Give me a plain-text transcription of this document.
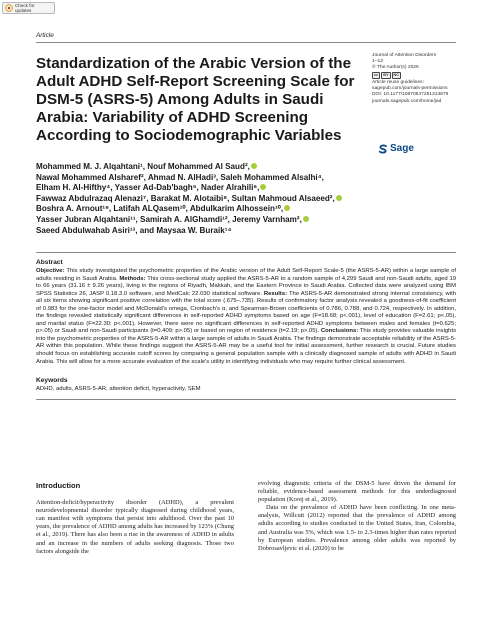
Check for updates
Article
Standardization of the Arabic Version of the Adult ADHD Self-Report Screening Scale for DSM-5 (ASRS-5) Among Adults in Saudi Arabia: Variability of ADHD Screening According to Sociodemographic Variables
Journal of Attention Disorders
1–13
© The Author(s) 2025
cc	BY	NC
Article reuse guidelines:
sagepub.com/journals-permissions
DOI: 10.1177/10870547251313879
journals.sagepub.com/home/jad
Sage
Mohammed M. J. Alqahtani¹, Nouf Mohammed Al Saud²,
Nawal Mohammed Alsharef², Ahmad N. AlHadi³, Saleh Mohammed Alsalhi⁴,
Elham H. Al-Hifthy⁴, Yasser Ad-Dab'bagh⁵, Nader Alrahili⁶,
Fawwaz Abdulrazaq Alenazi⁷, Barakat M. Alotaibi⁸, Sultan Mahmoud Alsaeed²,
Boshra A. Arnout¹⁹, Latifah ALQasem¹⁰, Abdulkarim Alhossein¹⁰,
Yasser Jubran Alqahtani¹¹, Samirah A. AlGhamdi¹², Jeremy Varnham²,
Saeed Abdulwahab Asiri¹³, and Maysaa W. Buraik¹⁴
Abstract
Objective: This study investigated the psychometric properties of the Arabic version of the Adult Self-Report Scale-5 (the ASRS-5-AR) within a large sample of adults residing in Saudi Arabia. Methods: This cross-sectional study applied the ASRS-5-AR to a random sample of 4,299 Saudi and non-Saudi adults, aged 19 to 66 years (31.16 ± 9.26 years), living in the regions of Riyadh, Makkah, and the Eastern Province in Saudi Arabia. Collected data were analyzed using IBM SPSS Statistics 26, JASP 0.18.3.0 software, and MedCalc 22.030 statistical software. Results: The ASRS-5-AR demonstrated strong internal consistency, with all six items showing significant positive correlation with the total score (.675–.735). Results of confirmatory factor analysis revealed a goodness-of-fit coefficient of 0.983 for the one-factor model and McDonald's omega, Cronbach's α, and Spearman-Brown coefficients of 0.786, 0.788, and 0.724, respectively. In addition, the findings revealed statistically significant differences in self-reported ADHD symptoms based on age (F=18.68; p<.001), level of education (F=2.61; p<.05), and marital status (F=22.30; p<.001). However, there were no significant differences in self-reported ADHD symptoms between males and females (t=0.625; p>.05) or Saudi and non-Saudi participants (t=0.409; p>.05) or based on region of residence (t=2.19; p>.05). Conclusions: This study provides valuable insights into the psychometric properties of the ASRS-5-AR within a large sample of adults in Saudi Arabia. The findings demonstrate acceptable reliability of the ASRS-5-AR within this population. While these findings suggest the ASRS-5-AR may be a useful tool for initial assessment, further research is crucial. Future studies should focus on establishing accurate cutoff scores by comparing a general population sample with a clinically diagnosed sample of adults with ADHD in Saudi Arabia. This will allow for a more accurate evaluation of the scale's utility in identifying individuals who may require further clinical assessment.
Keywords
ADHD, adults, ASRS-5-AR, attention deficit, hyperactivity, SEM
Introduction

Attention-deficit/hyperactivity disorder (ADHD), a prevalent neurodevelopmental disorder typically diagnosed during childhood years, can manifest with symptoms that persist into adulthood. Over the past 10 years, the prevalence of ADHD among adults has increased by 123% (Chung et al., 2019). There has also been a rise in the awareness of ADHD in adults and an increase in the numbers of adults seeking diagnosis. Those two factors alongside the

evolving diagnostic criteria of the DSM-5 have driven the demand for reliable, evidence-based assessment methods for this underdiagnosed population (Kooij et al., 2019).

Data on the prevalence of ADHD have been conflicting. In one meta-analysis, Willcutt (2012) reported that the prevalence of ADHD among adults according to studies conducted in the United States, Iran, Colombia, and Australia was 5%, which was 1.5- to 2.3-times higher than rates reported by European studies. Prevalence among older adults was reported by Dobrosavljevic et al. (2020) to be
